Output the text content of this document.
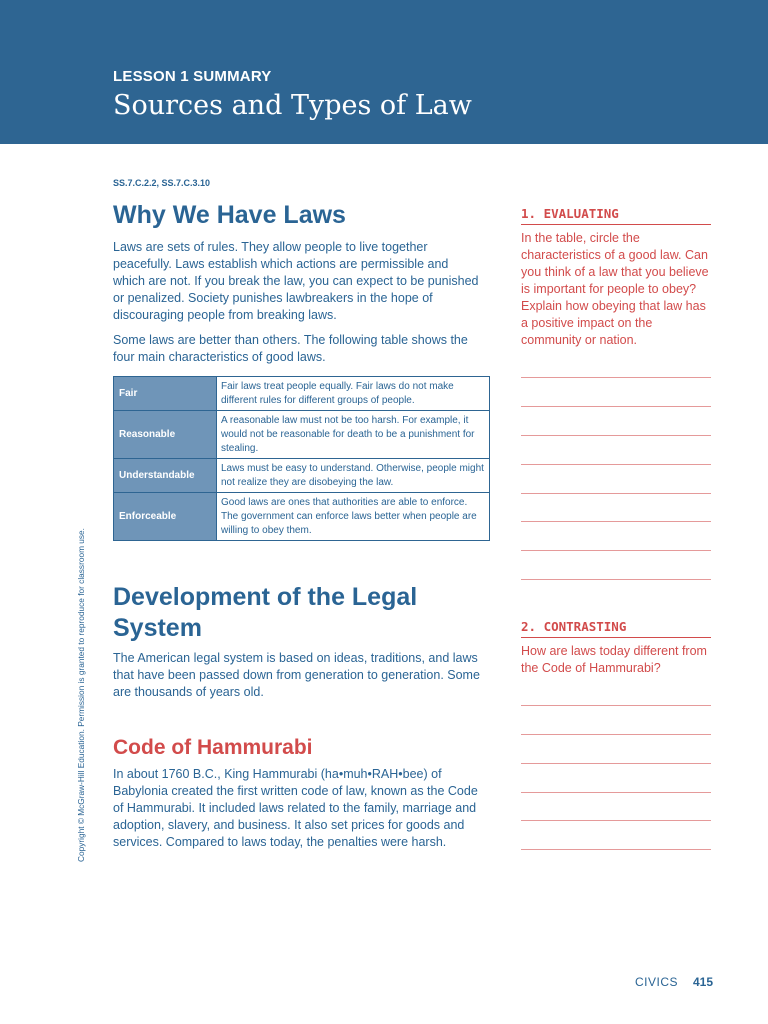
LESSON 1 SUMMARY
Sources and Types of Law
SS.7.C.2.2, SS.7.C.3.10
Why We Have Laws
Laws are sets of rules. They allow people to live together peacefully. Laws establish which actions are permissible and which are not. If you break the law, you can expect to be punished or penalized. Society punishes lawbreakers in the hope of discouraging people from breaking laws.
Some laws are better than others. The following table shows the four main characteristics of good laws.
Fair	Fair laws treat people equally. Fair laws do not make different rules for different groups of people.
Reasonable	A reasonable law must not be too harsh. For example, it would not be reasonable for death to be a punishment for stealing.
Understandable	Laws must be easy to understand. Otherwise, people might not realize they are disobeying the law.
Enforceable	Good laws are ones that authorities are able to enforce. The government can enforce laws better when people are willing to obey them.
Development of the Legal System
The American legal system is based on ideas, traditions, and laws that have been passed down from generation to generation. Some are thousands of years old.
Code of Hammurabi
In about 1760 B.C., King Hammurabi (ha•muh•RAH•bee) of Babylonia created the first written code of law, known as the Code of Hammurabi. It included laws related to the family, marriage and adoption, slavery, and business. It also set prices for goods and services. Compared to laws today, the penalties were harsh.
1. EVALUATING
In the table, circle the characteristics of a good law. Can you think of a law that you believe is important for people to obey? Explain how obeying that law has a positive impact on the community or nation.
2. CONTRASTING
How are laws today different from the Code of Hammurabi?
Copyright © McGraw-Hill Education. Permission is granted to reproduce for classroom use.
CIVICS 415
